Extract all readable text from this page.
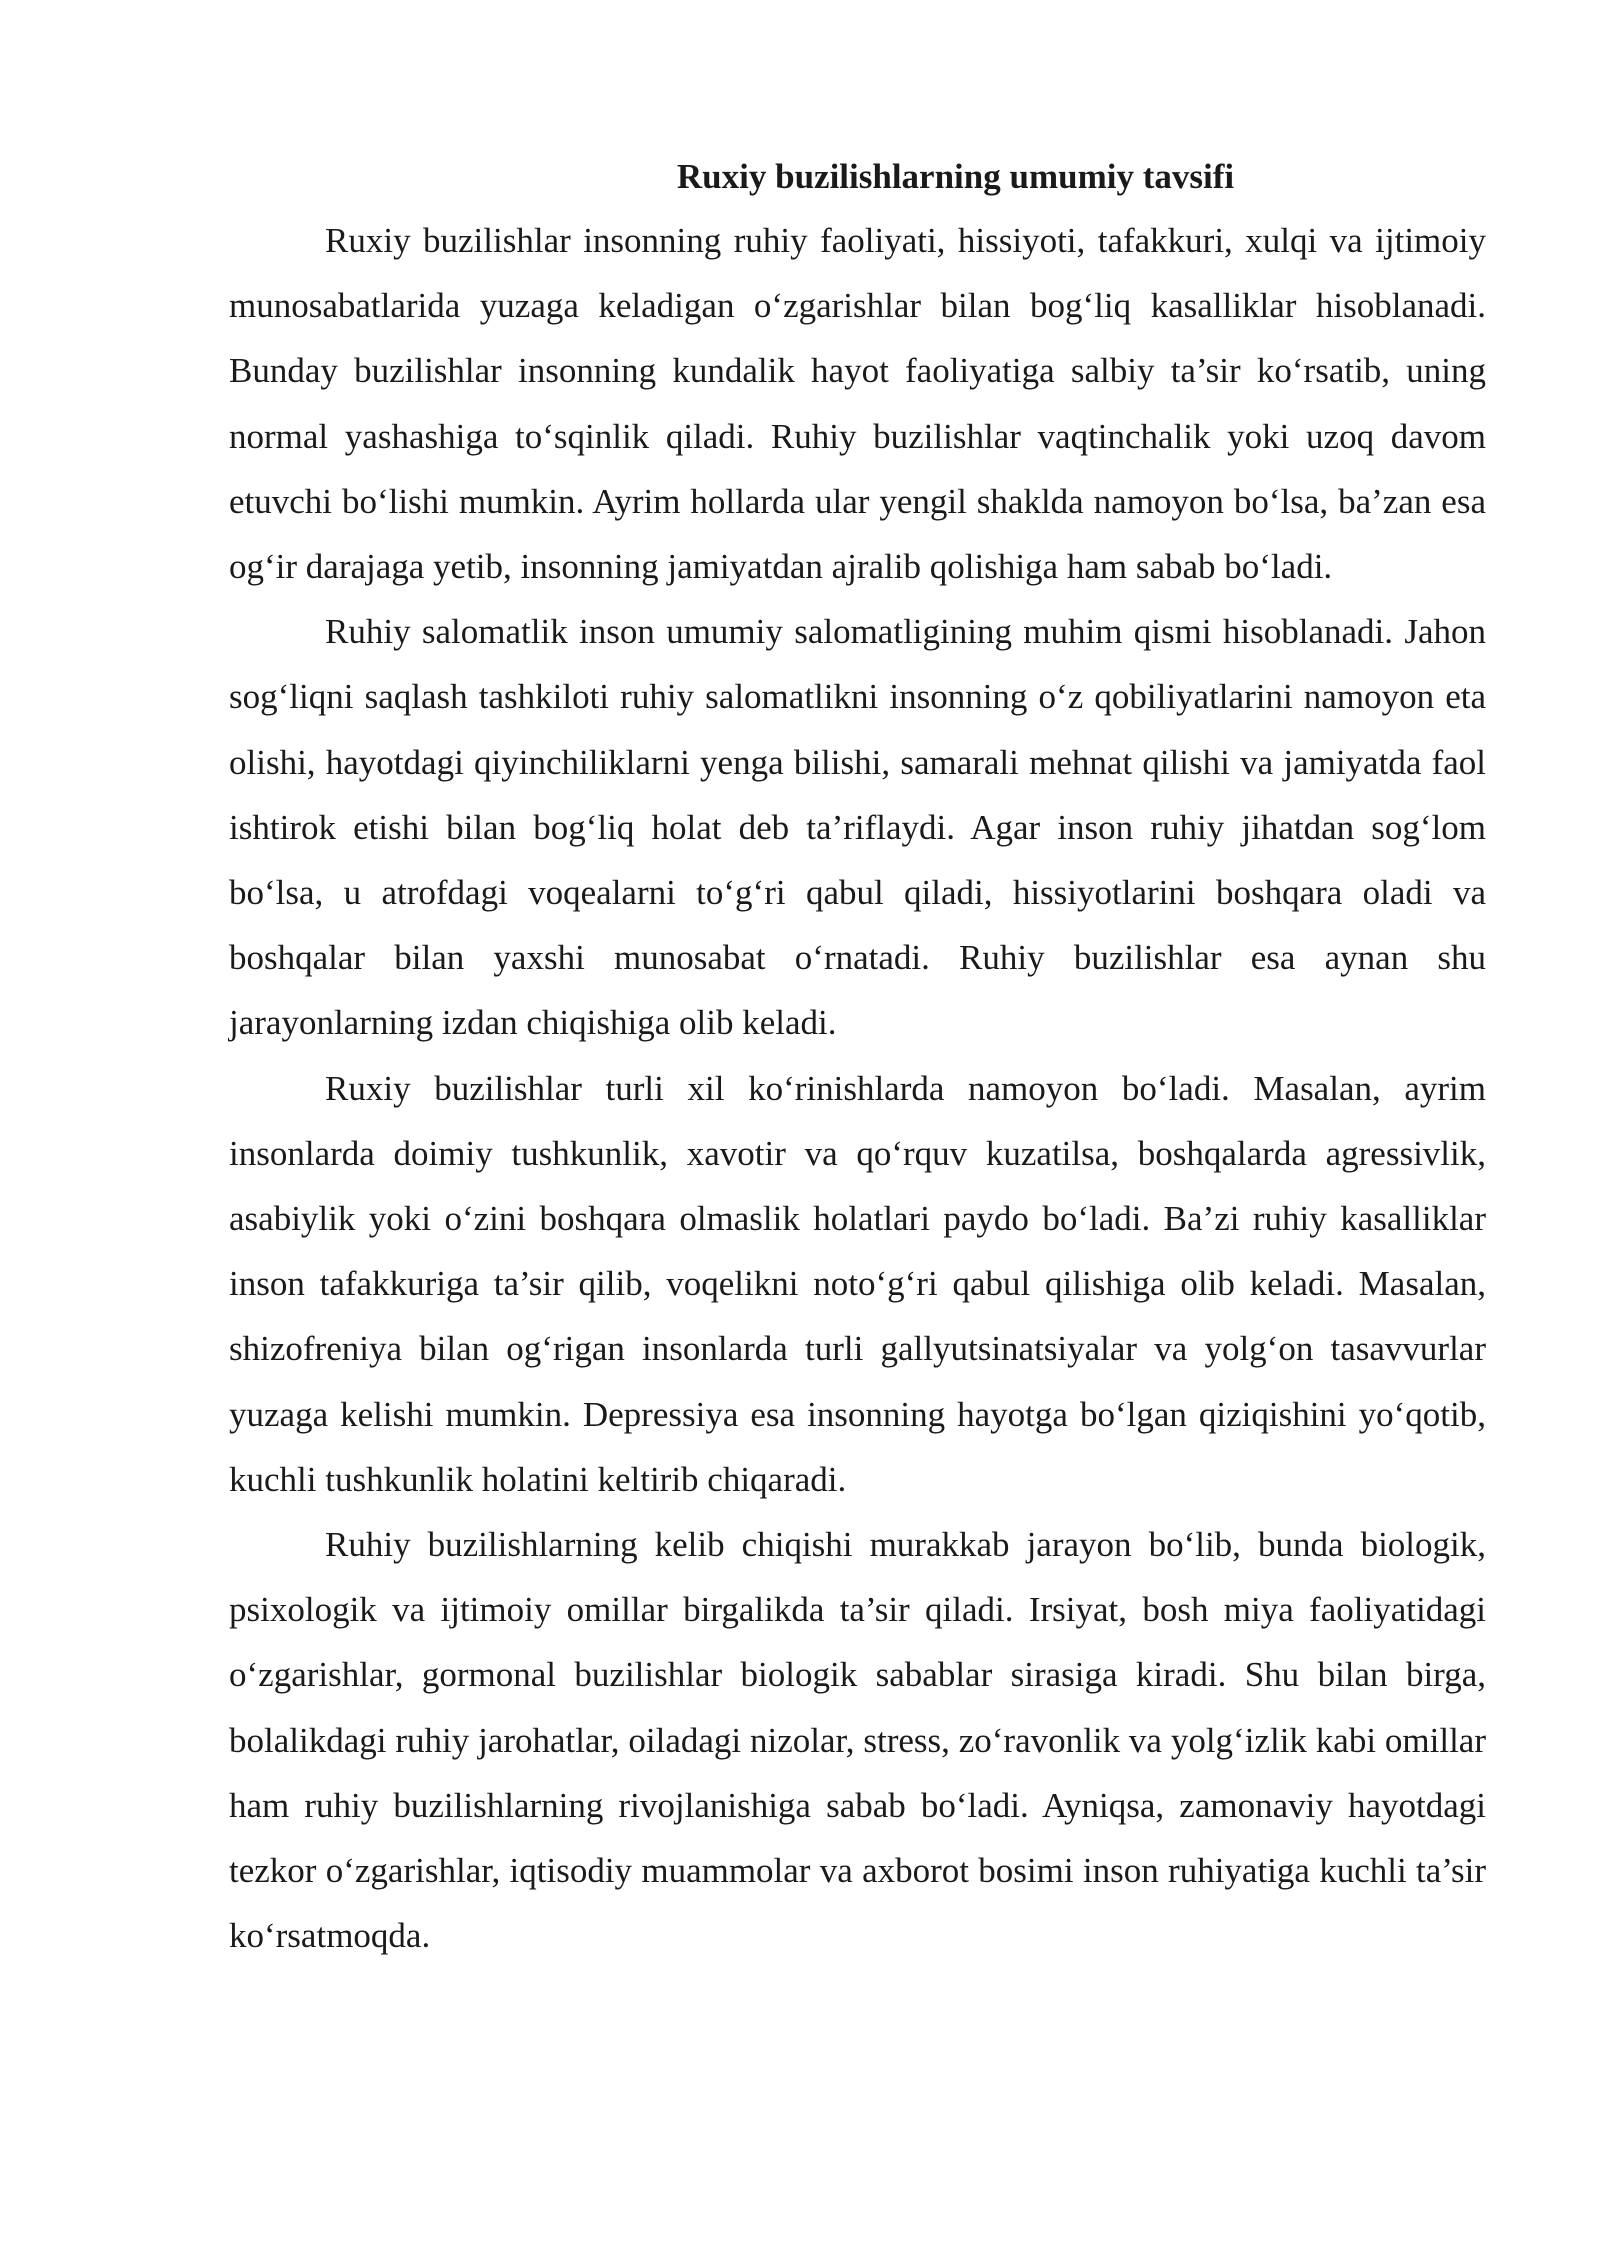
Ruxiy buzilishlarning umumiy tavsifi

Ruxiy buzilishlar insonning ruhiy faoliyati, hissiyoti, tafakkuri, xulqi va ijtimoiy munosabatlarida yuzaga keladigan o‘zgarishlar bilan bog‘liq kasalliklar hisoblanadi. Bunday buzilishlar insonning kundalik hayot faoliyatiga salbiy ta’sir ko‘rsatib, uning normal yashashiga to‘sqinlik qiladi. Ruhiy buzilishlar vaqtinchalik yoki uzoq davom etuvchi bo‘lishi mumkin. Ayrim hollarda ular yengil shaklda namoyon bo‘lsa, ba’zan esa og‘ir darajaga yetib, insonning jamiyatdan ajralib qolishiga ham sabab bo‘ladi.

Ruhiy salomatlik inson umumiy salomatligining muhim qismi hisoblanadi. Jahon sog‘liqni saqlash tashkiloti ruhiy salomatlikni insonning o‘z qobiliyatlarini namoyon eta olishi, hayotdagi qiyinchiliklarni yenga bilishi, samarali mehnat qilishi va jamiyatda faol ishtirok etishi bilan bog‘liq holat deb ta’riflaydi. Agar inson ruhiy jihatdan sog‘lom bo‘lsa, u atrofdagi voqealarni to‘g‘ri qabul qiladi, hissiyotlarini boshqara oladi va boshqalar bilan yaxshi munosabat o‘rnatadi. Ruhiy buzilishlar esa aynan shu jarayonlarning izdan chiqishiga olib keladi.

Ruxiy buzilishlar turli xil ko‘rinishlarda namoyon bo‘ladi. Masalan, ayrim insonlarda doimiy tushkunlik, xavotir va qo‘rquv kuzatilsa, boshqalarda agressivlik, asabiylik yoki o‘zini boshqara olmaslik holatlari paydo bo‘ladi. Ba’zi ruhiy kasalliklar inson tafakkuriga ta’sir qilib, voqelikni noto‘g‘ri qabul qilishiga olib keladi. Masalan, shizofreniya bilan og‘rigan insonlarda turli gallyutsinatsiyalar va yolg‘on tasavvurlar yuzaga kelishi mumkin. Depressiya esa insonning hayotga bo‘lgan qiziqishini yo‘qotib, kuchli tushkunlik holatini keltirib chiqaradi.

Ruhiy buzilishlarning kelib chiqishi murakkab jarayon bo‘lib, bunda biologik, psixologik va ijtimoiy omillar birgalikda ta’sir qiladi. Irsiyat, bosh miya faoliyatidagi o‘zgarishlar, gormonal buzilishlar biologik sabablar sirasiga kiradi. Shu bilan birga, bolalikdagi ruhiy jarohatlar, oiladagi nizolar, stress, zo‘ravonlik va yolg‘izlik kabi omillar ham ruhiy buzilishlarning rivojlanishiga sabab bo‘ladi. Ayniqsa, zamonaviy hayotdagi tezkor o‘zgarishlar, iqtisodiy muammolar va axborot bosimi inson ruhiyatiga kuchli ta’sir ko‘rsatmoqda.
